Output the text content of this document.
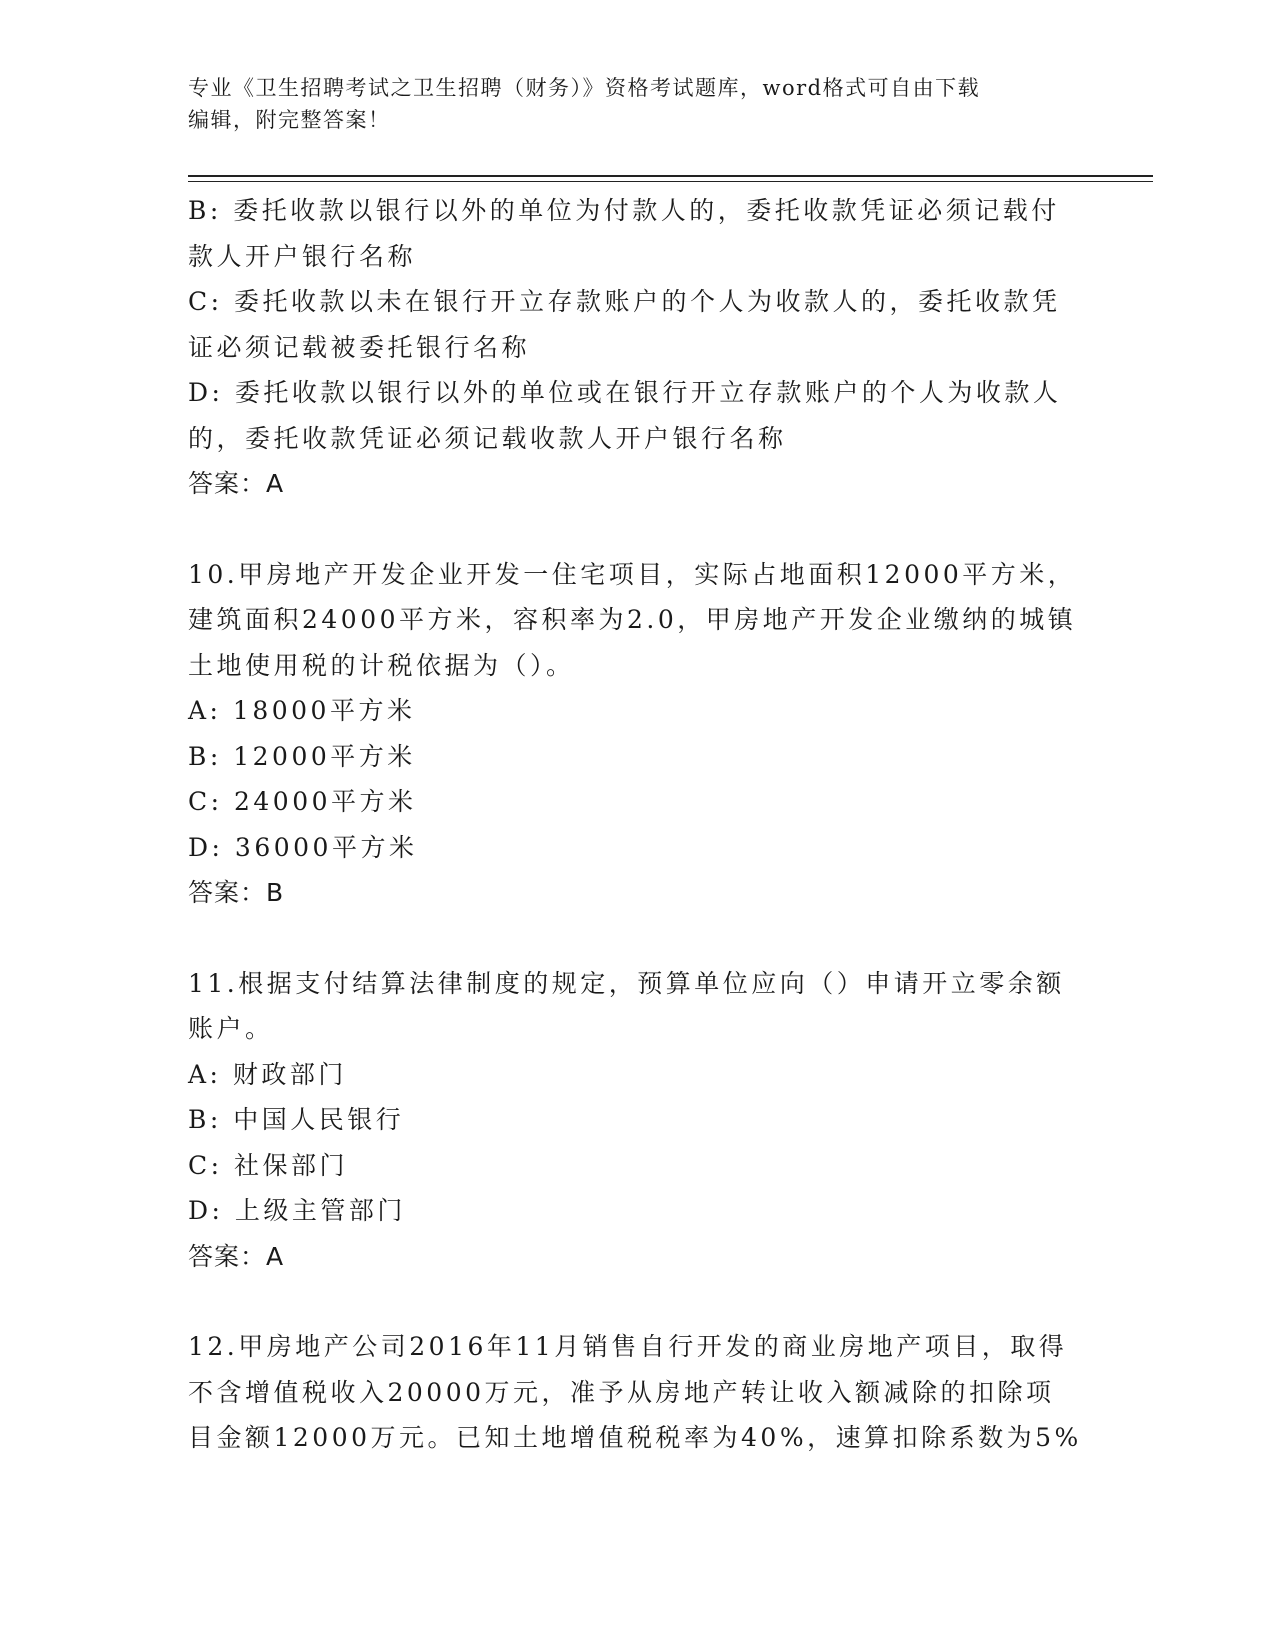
专业《卫生招聘考试之卫生招聘（财务）》资格考试题库，word格式可自由下载
编辑，附完整答案！

B: 委托收款以银行以外的单位为付款人的，委托收款凭证必须记载付

款人开户银行名称

C: 委托收款以未在银行开立存款账户的个人为收款人的，委托收款凭

证必须记载被委托银行名称

D: 委托收款以银行以外的单位或在银行开立存款账户的个人为收款人

的，委托收款凭证必须记载收款人开户银行名称

答案：A

10.甲房地产开发企业开发一住宅项目，实际占地面积12000平方米，

建筑面积24000平方米，容积率为2.0，甲房地产开发企业缴纳的城镇

土地使用税的计税依据为（）。

A: 18000平方米

B: 12000平方米

C: 24000平方米

D: 36000平方米

答案：B

11.根据支付结算法律制度的规定，预算单位应向（）申请开立零余额

账户。

A: 财政部门

B: 中国人民银行

C: 社保部门

D: 上级主管部门

答案：A

12.甲房地产公司2016年11月销售自行开发的商业房地产项目，取得

不含增值税收入20000万元，准予从房地产转让收入额减除的扣除项

目金额12000万元。已知土地增值税税率为40%，速算扣除系数为5%
